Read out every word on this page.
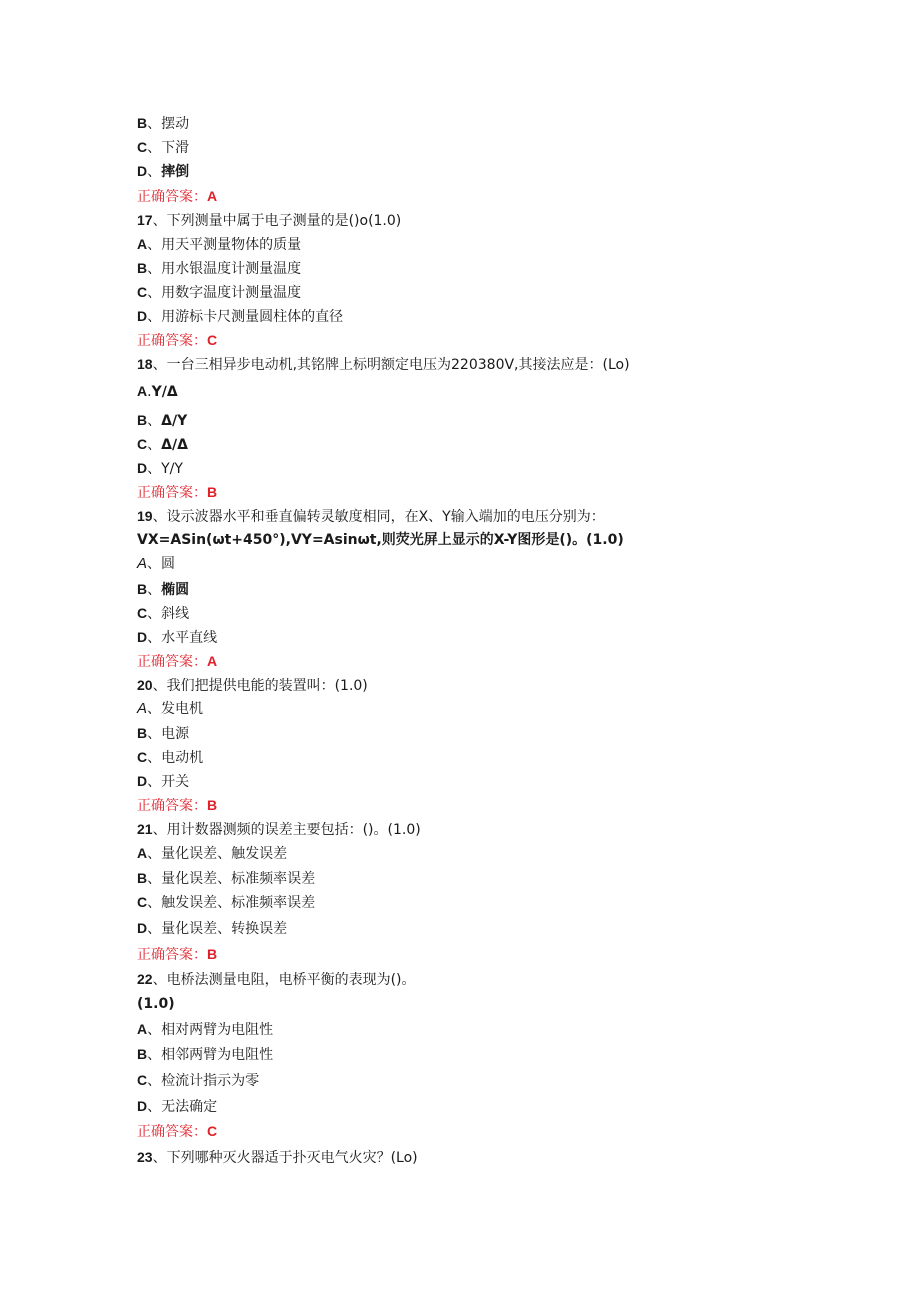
B、摆动
C、下滑
D、摔倒
正确答案：A
17、下列测量中属于电子测量的是()o(1.0)
A、用天平测量物体的质量
B、用水银温度计测量温度
C、用数字温度计测量温度
D、用游标卡尺测量圆柱体的直径
正确答案：C
18、一台三相异步电动机,其铭牌上标明额定电压为220380V,其接法应是：(Lo)
A.Y∕Δ
B、Δ∕Y
C、Δ∕Δ
D、Y∕Y
正确答案：B
19、设示波器水平和垂直偏转灵敏度相同，在X、Y输入端加的电压分别为：
VX=ASin(ωt+450°),VY=Asinωt,则荧光屏上显示的X-Y图形是()。(1.0)
A、圆
B、椭圆
C、斜线
D、水平直线
正确答案：A
20、我们把提供电能的装置叫：(1.0)
A、发电机
B、电源
C、电动机
D、开关
正确答案：B
21、用计数器测频的误差主要包括：()。(1.0)
A、量化误差、触发误差
B、量化误差、标准频率误差
C、触发误差、标准频率误差
D、量化误差、转换误差
正确答案：B
22、电桥法测量电阻，电桥平衡的表现为()。
(1.0)
A、相对两臂为电阻性
B、相邻两臂为电阻性
C、检流计指示为零
D、无法确定
正确答案：C
23、下列哪种灭火器适于扑灭电气火灾？(Lo)
